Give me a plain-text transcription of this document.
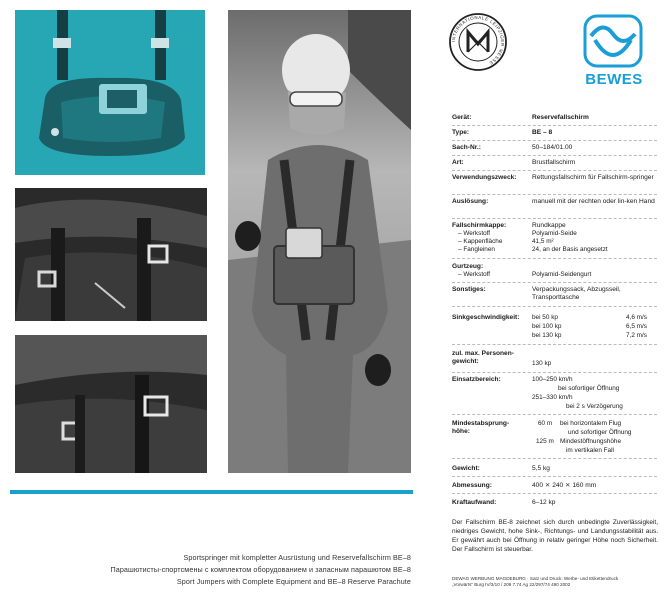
Sportspringer mit kompletter Ausrüstung und Reservefallschirm BE–8
Парашютисты-спортсмены с комплектом оборудованием и запасным парашютом BE–8
Sport Jumpers with Complete Equipment and BE–8 Reserve Parachute
INTERNATIONALE LEIPZIGER MESSE
BEWES
Gerät:	Reservefallschirm
Type:	BE – 8
Sach-Nr.:	50–184/01.00
Art:	Brustfallschirm
Verwendungszweck:	Rettungsfallschirm für Fallschirm-springer
Auslösung:	manuell mit der rechten oder lin-ken Hand
Fallschirmkappe:	Rundkappe
– Werkstoff	Polyamid-Seide
– Kappenfläche	41,5 m²
– Fangleinen	24, an der Basis angesetzt
Gurtzeug:
– Werkstoff	Polyamid-Seidengurt
Sonstiges:	Verpackungssack, Abzugsseil, Transporttasche
Sinkgeschwindigkeit:	bei 50 kp	4,6 m/s
bei 100 kp	6,5 m/s
bei 130 kp	7,2 m/s
zul. max. Personen-gewicht:	130 kp
Einsatzbereich:	100–250 km/h
bei sofortiger Öffnung
251–330 km/h
bei 2 s Verzögerung
Mindestabsprung-höhe:
60 m bei horizontalem Flug
und sofortiger Öffnung
125 m Mindestöffnungshöhe
im vertikalen Fall
Gewicht:	5,5 kg
Abmessung:	400 ⨯ 240 ⨯ 160 mm
Kraftaufwand:	6–12 kp
Der Fallschirm BE-8 zeichnet sich durch unbedingte Zuverlässigkeit, niedriges Gewicht, hohe Sink-, Richtungs- und Landungsstabilität aus. Er gewährt auch bei Öffnung in relativ geringer Höhe noch Sicherheit. Der Fallschirm ist steuerbar.
DEWAG WERBUNG MAGDEBURG · Satz und Druck: Werbe- und Etikettendruck
„Vorwärts“ Burg IV/3/10 / 209 7.74 Ag 22/297/74 490 2002
